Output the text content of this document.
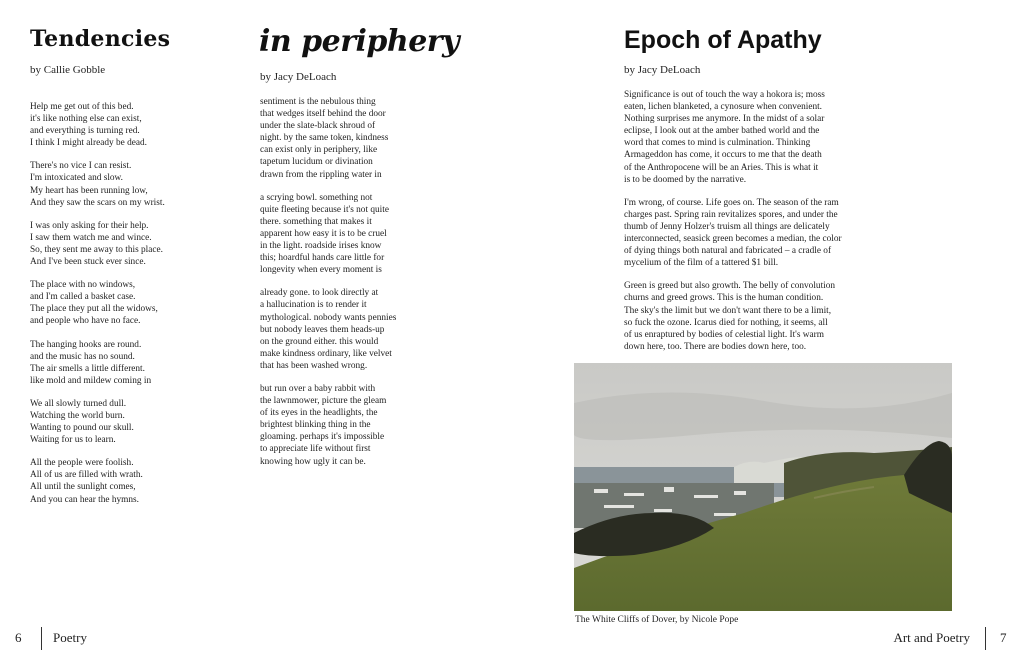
Tendencies
by Callie Gobble
Help me get out of this bed.
it's like nothing else can exist,
and everything is turning red.
I think I might already be dead.
There's no vice I can resist.
I'm intoxicated and slow.
My heart has been running low,
And they saw the scars on my wrist.
I was only asking for their help.
I saw them watch me and wince.
So, they sent me away to this place.
And I've been stuck ever since.
The place with no windows,
and I'm called a basket case.
The place they put all the widows,
and people who have no face.
The hanging hooks are round.
and the music has no sound.
The air smells a little different.
like mold and mildew coming in
We all slowly turned dull.
Watching the world burn.
Wanting to pound our skull.
Waiting for us to learn.
All the people were foolish.
All of us are filled with wrath.
All until the sunlight comes,
And you can hear the hymns.
in periphery
by Jacy DeLoach
sentiment is the nebulous thing
that wedges itself behind the door
under the slate-black shroud of
night. by the same token, kindness
can exist only in periphery, like
tapetum lucidum or divination
drawn from the rippling water in
a scrying bowl. something not
quite fleeting because it's not quite
there. something that makes it
apparent how easy it is to be cruel
in the light. roadside irises know
this; hoardful hands care little for
longevity when every moment is
already gone. to look directly at
a hallucination is to render it
mythological. nobody wants pennies
but nobody leaves them heads-up
on the ground either. this would
make kindness ordinary, like velvet
that has been washed wrong.
but run over a baby rabbit with
the lawnmower, picture the gleam
of its eyes in the headlights, the
brightest blinking thing in the
gloaming. perhaps it's impossible
to appreciate life without first
knowing how ugly it can be.
6 Poetry
Epoch of Apathy
by Jacy DeLoach
Significance is out of touch the way a hokora is; moss
eaten, lichen blanketed, a cynosure when convenient.
Nothing surprises me anymore. In the midst of a solar
eclipse, I look out at the amber bathed world and the
word that comes to mind is culmination. Thinking
Armageddon has come, it occurs to me that the death
of the Anthropocene will be an Aries. This is what it
is to be doomed by the narrative.
I'm wrong, of course. Life goes on. The season of the ram
charges past. Spring rain revitalizes spores, and under the
thumb of Jenny Holzer's truism all things are delicately
interconnected, seasick green becomes a median, the color
of dying things both natural and fabricated – a cradle of
mycelium of the film of a tattered $1 bill.
Green is greed but also growth. The belly of convolution
churns and greed grows. This is the human condition.
The sky's the limit but we don't want there to be a limit,
so fuck the ozone. Icarus died for nothing, it seems, all
of us enraptured by bodies of celestial light. It's warm
down here, too. There are bodies down here, too.
The White Cliffs of Dover, by Nicole Pope
Art and Poetry 7
